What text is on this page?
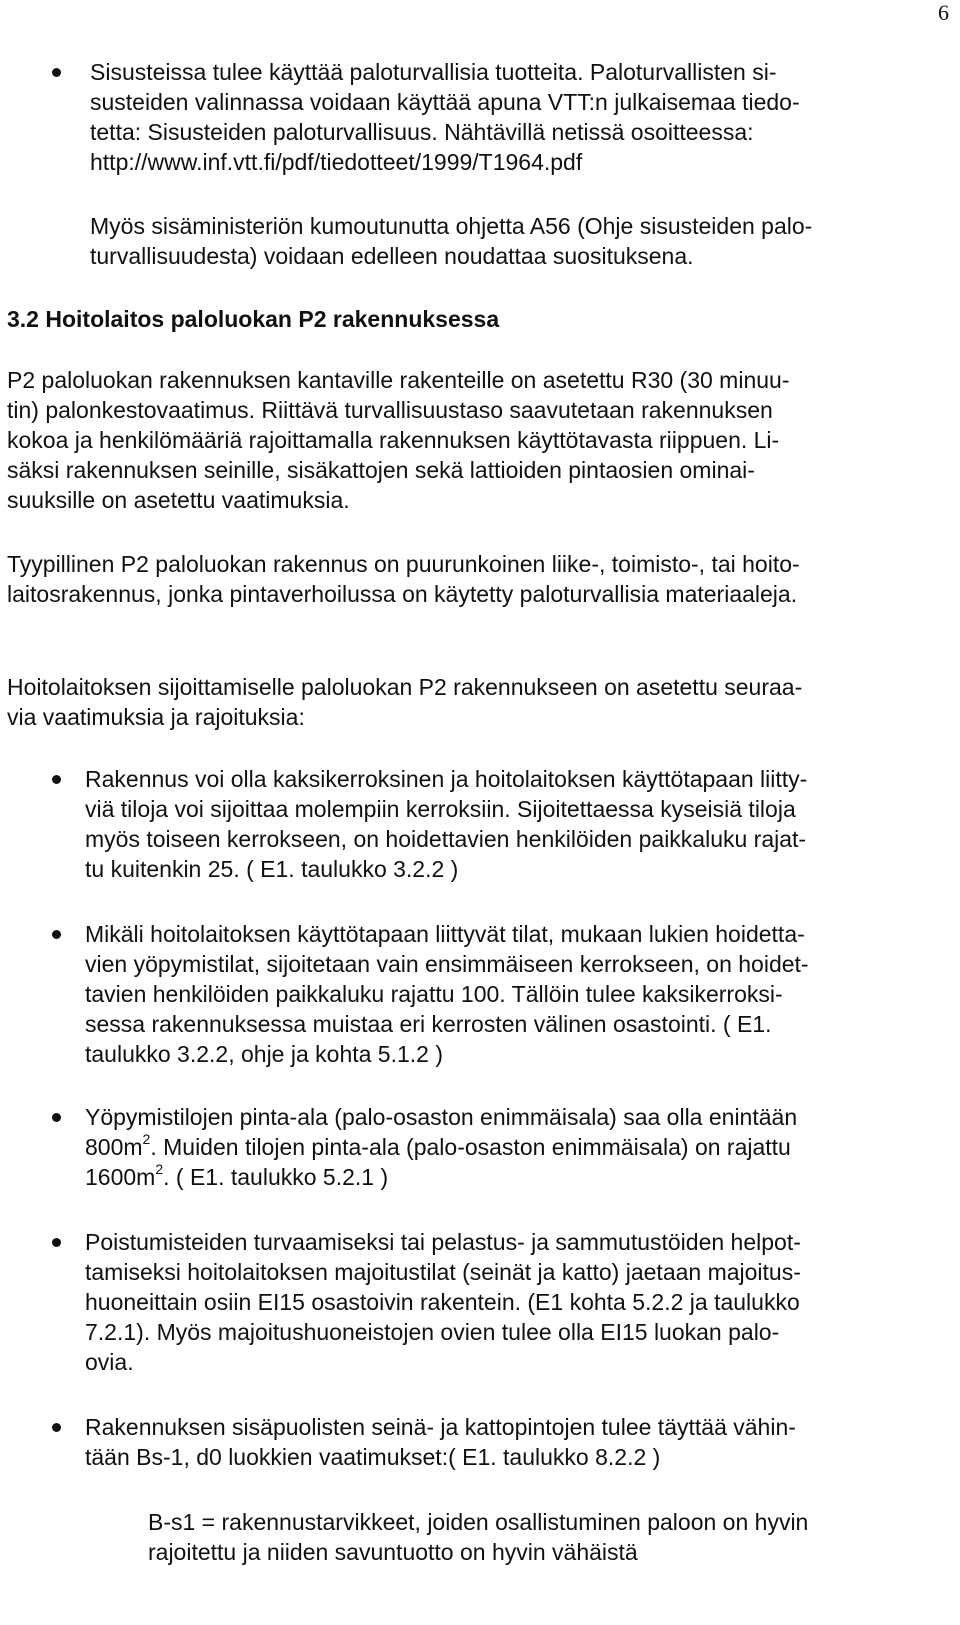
6
Sisusteissa tulee käyttää paloturvallisia tuotteita. Paloturvallisten si-
susteiden valinnassa voidaan käyttää apuna VTT:n julkaisemaa tiedo-
tetta: Sisusteiden paloturvallisuus. Nähtävillä netissä osoitteessa:
http://www.inf.vtt.fi/pdf/tiedotteet/1999/T1964.pdf
Myös sisäministeriön kumoutunutta ohjetta A56 (Ohje sisusteiden palo-
turvallisuudesta) voidaan edelleen noudattaa suosituksena.
3.2 Hoitolaitos paloluokan P2 rakennuksessa
P2 paloluokan rakennuksen kantaville rakenteille on asetettu R30 (30 minuu-
tin) palonkestovaatimus. Riittävä turvallisuustaso saavutetaan rakennuksen
kokoa ja henkilömääriä rajoittamalla rakennuksen käyttötavasta riippuen. Li-
säksi rakennuksen seinille, sisäkattojen sekä lattioiden pintaosien ominai-
suuksille on asetettu vaatimuksia.
Tyypillinen P2 paloluokan rakennus on puurunkoinen liike-, toimisto-, tai hoito-
laitosrakennus, jonka pintaverhoilussa on käytetty paloturvallisia materiaaleja.
Hoitolaitoksen sijoittamiselle paloluokan P2 rakennukseen on asetettu seuraa-
via vaatimuksia ja rajoituksia:
Rakennus voi olla kaksikerroksinen ja hoitolaitoksen käyttötapaan liitty-
viä tiloja voi sijoittaa molempiin kerroksiin. Sijoitettaessa kyseisiä tiloja
myös toiseen kerrokseen, on hoidettavien henkilöiden paikkaluku rajat-
tu kuitenkin 25. ( E1. taulukko 3.2.2 )
Mikäli hoitolaitoksen käyttötapaan liittyvät tilat, mukaan lukien hoidetta-
vien yöpymistilat, sijoitetaan vain ensimmäiseen kerrokseen, on hoidet-
tavien henkilöiden paikkaluku rajattu 100. Tällöin tulee kaksikerroksi-
sessa rakennuksessa muistaa eri kerrosten välinen osastointi. ( E1.
taulukko 3.2.2, ohje ja kohta 5.1.2 )
Yöpymistilojen pinta-ala (palo-osaston enimmäisala) saa olla enintään
$800m^2$. Muiden tilojen pinta-ala (palo-osaston enimmäisala) on rajattu
$1600m^2$. ( E1. taulukko 5.2.1 )
Poistumisteiden turvaamiseksi tai pelastus- ja sammutustöiden helpot-
tamiseksi hoitolaitoksen majoitustilat (seinät ja katto) jaetaan majoitus-
huoneittain osiin EI15 osastoivin rakentein. (E1 kohta 5.2.2 ja taulukko
7.2.1). Myös majoitushuoneistojen ovien tulee olla EI15 luokan palo-
ovia.
Rakennuksen sisäpuolisten seinä- ja kattopintojen tulee täyttää vähin-
tään Bs-1, d0 luokkien vaatimukset:( E1. taulukko 8.2.2 )
B-s1 = rakennustarvikkeet, joiden osallistuminen paloon on hyvin
rajoitettu ja niiden savuntuotto on hyvin vähäistä
